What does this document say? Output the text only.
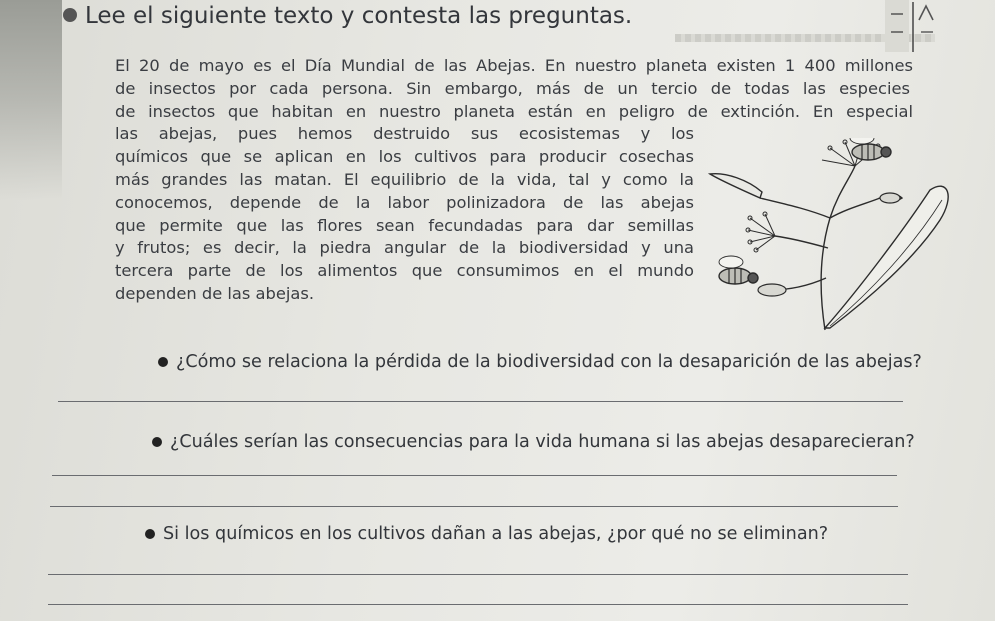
Lee el siguiente texto y contesta las preguntas.
El 20 de mayo es el Día Mundial de las Abejas. En nuestro planeta existen 1 400 millones
de insectos por cada persona. Sin embargo, más de un tercio de todas las especies
de insectos que habitan en nuestro planeta están en peligro de extinción. En especial
las abejas, pues hemos destruido sus ecosistemas y los
químicos que se aplican en los cultivos para producir cosechas
más grandes las matan. El equilibrio de la vida, tal y como la
conocemos, depende de la labor polinizadora de las abejas
que permite que las flores sean fecundadas para dar semillas
y frutos; es decir, la piedra angular de la biodiversidad y una
tercera parte de los alimentos que consumimos en el mundo
dependen de las abejas.
¿Cómo se relaciona la pérdida de la biodiversidad con la desaparición de las abejas?
¿Cuáles serían las consecuencias para la vida humana si las abejas desaparecieran?
Si los químicos en los cultivos dañan a las abejas, ¿por qué no se eliminan?
